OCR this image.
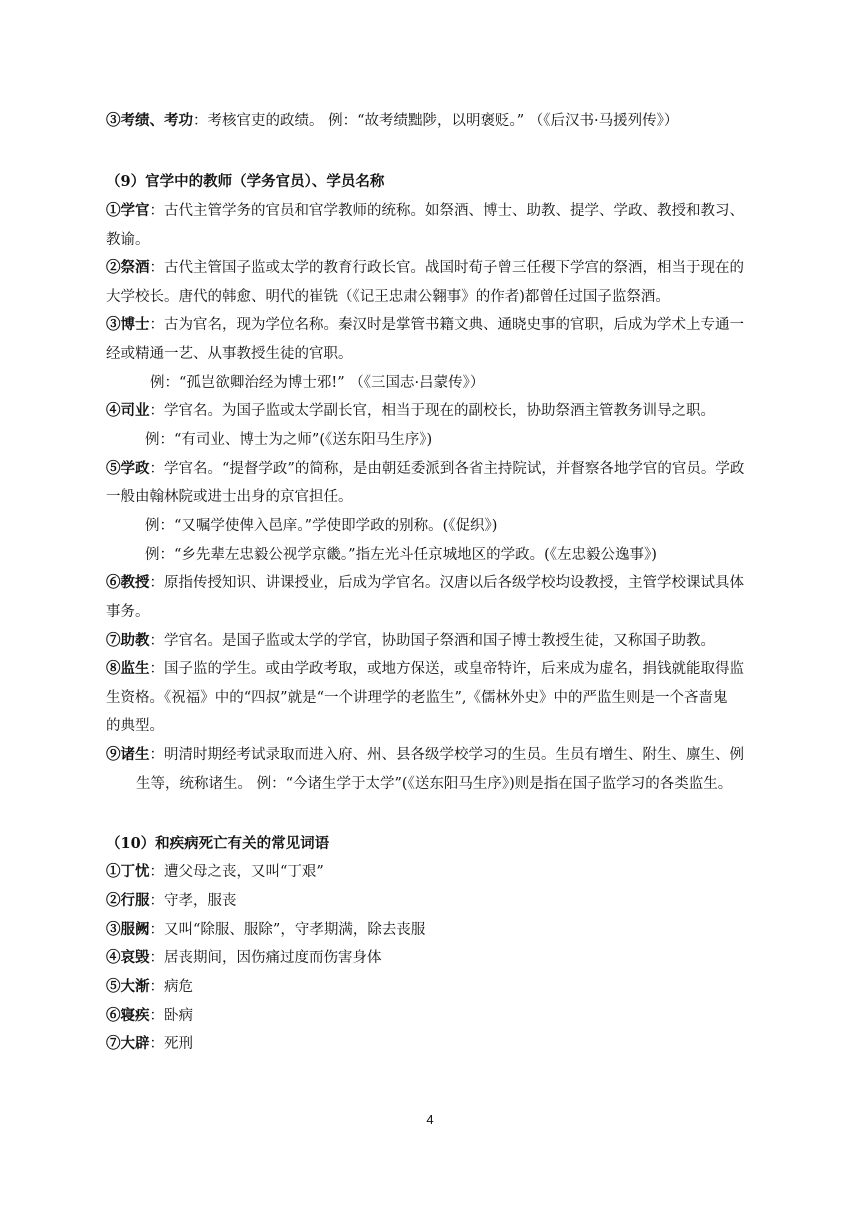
③考绩、考功：考核官吏的政绩。 例：“故考绩黜陟，以明褒贬。” （《后汉书·马援列传》）
（9）官学中的教师（学务官员）、学员名称
①学官：古代主管学务的官员和官学教师的统称。如祭酒、博士、助教、提学、学政、教授和教习、
教谕。
②祭酒：古代主管国子监或太学的教育行政长官。战国时荀子曾三任稷下学宫的祭酒，相当于现在的
大学校长。唐代的韩愈、明代的崔铣（《记王忠肃公翱事》的作者)都曾任过国子监祭酒。
③博士：古为官名，现为学位名称。秦汉时是掌管书籍文典、通晓史事的官职，后成为学术上专通一
经或精通一艺、从事教授生徒的官职。
例：“孤岂欲卿治经为博士邪!” （《三国志·吕蒙传》）
④司业：学官名。为国子监或太学副长官，相当于现在的副校长，协助祭酒主管教务训导之职。
例：“有司业、博士为之师”(《送东阳马生序》)
⑤学政：学官名。“提督学政”的简称，是由朝廷委派到各省主持院试，并督察各地学官的官员。学政
一般由翰林院或进士出身的京官担任。
例：“又嘱学使俾入邑庠。”学使即学政的别称。(《促织》)
例：“乡先辈左忠毅公视学京畿。”指左光斗任京城地区的学政。(《左忠毅公逸事》)
⑥教授：原指传授知识、讲课授业，后成为学官名。汉唐以后各级学校均设教授，主管学校课试具体
事务。
⑦助教：学官名。是国子监或太学的学官，协助国子祭酒和国子博士教授生徒，又称国子助教。
⑧监生：国子监的学生。或由学政考取，或地方保送，或皇帝特许，后来成为虚名，捐钱就能取得监
生资格。《祝福》中的“四叔”就是“一个讲理学的老监生”,《儒林外史》中的严监生则是一个吝啬鬼
的典型。
⑨诸生：明清时期经考试录取而进入府、州、县各级学校学习的生员。生员有增生、附生、廪生、例
生等，统称诸生。 例：“今诸生学于太学”(《送东阳马生序》)则是指在国子监学习的各类监生。
（10）和疾病死亡有关的常见词语
①丁忧：遭父母之丧，又叫“丁艰”
②行服：守孝，服丧
③服阙：又叫“除服、服除”，守孝期满，除去丧服
④哀毁：居丧期间，因伤痛过度而伤害身体
⑤大渐：病危
⑥寝疾：卧病
⑦大辟：死刑
4
